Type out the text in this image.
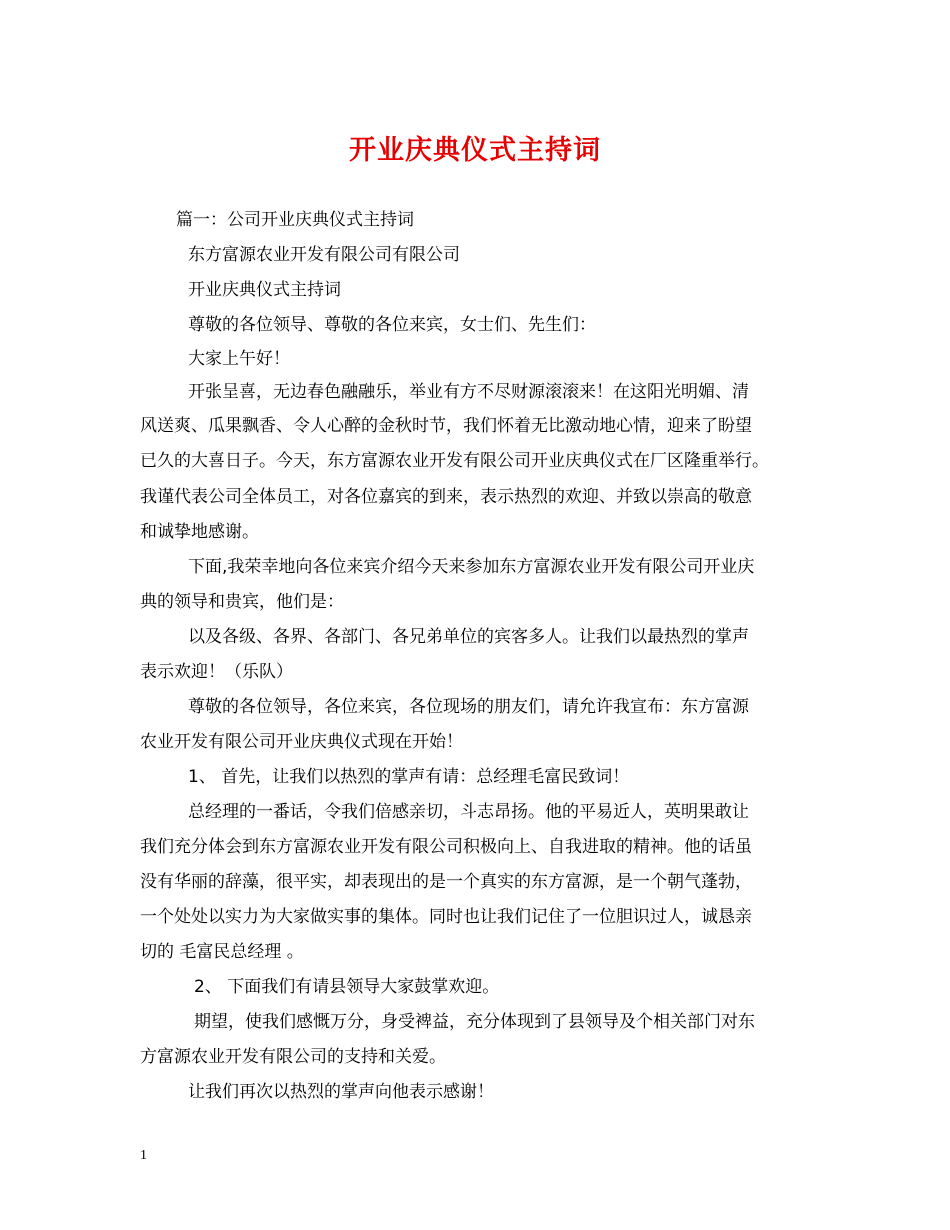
开业庆典仪式主持词
篇一：公司开业庆典仪式主持词
东方富源农业开发有限公司有限公司
开业庆典仪式主持词
尊敬的各位领导、尊敬的各位来宾，女士们、先生们：
大家上午好！
开张呈喜，无边春色融融乐，举业有方不尽财源滚滚来！在这阳光明媚、清
风送爽、瓜果飘香、令人心醉的金秋时节，我们怀着无比激动地心情，迎来了盼望
已久的大喜日子。今天，东方富源农业开发有限公司开业庆典仪式在厂区隆重举行。
我谨代表公司全体员工，对各位嘉宾的到来，表示热烈的欢迎、并致以崇高的敬意
和诚挚地感谢。
下面,我荣幸地向各位来宾介绍今天来参加东方富源农业开发有限公司开业庆
典的领导和贵宾，他们是：
以及各级、各界、各部门、各兄弟单位的宾客多人。让我们以最热烈的掌声
表示欢迎！（乐队）
尊敬的各位领导，各位来宾，各位现场的朋友们，请允许我宣布：东方富源
农业开发有限公司开业庆典仪式现在开始！
1、 首先，让我们以热烈的掌声有请：总经理毛富民致词！
总经理的一番话，令我们倍感亲切，斗志昂扬。他的平易近人，英明果敢让
我们充分体会到东方富源农业开发有限公司积极向上、自我进取的精神。他的话虽
没有华丽的辞藻，很平实，却表现出的是一个真实的东方富源，是一个朝气蓬勃，
一个处处以实力为大家做实事的集体。同时也让我们记住了一位胆识过人，诚恳亲
切的 毛富民总经理 。
2、 下面我们有请县领导大家鼓掌欢迎。
期望，使我们感慨万分，身受裨益，充分体现到了县领导及个相关部门对东
方富源农业开发有限公司的支持和关爱。
让我们再次以热烈的掌声向他表示感谢！
1
